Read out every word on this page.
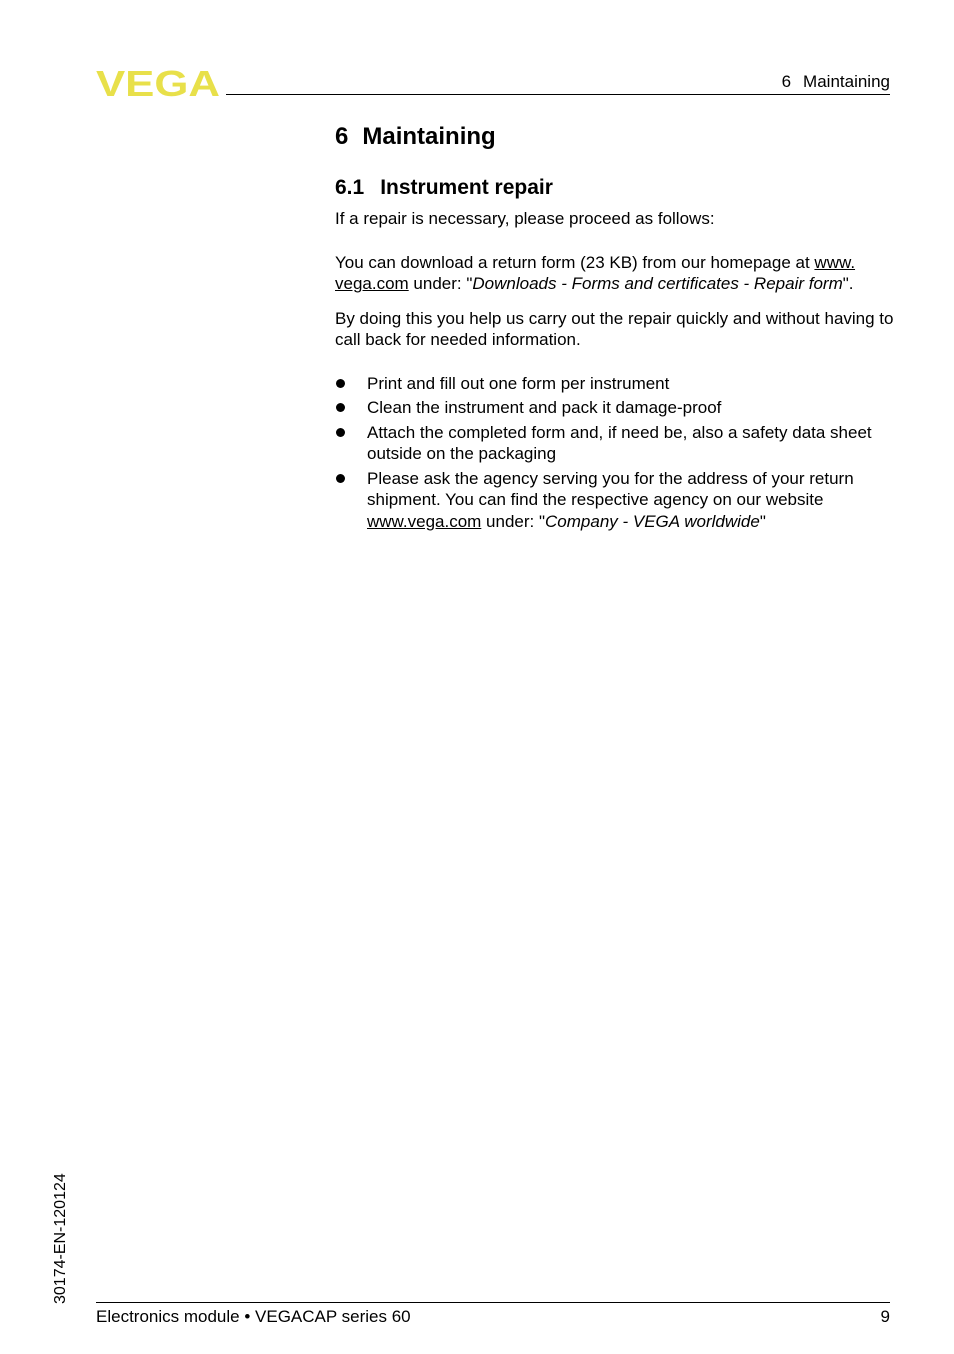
VEGA	6 Maintaining
6 Maintaining
6.1 Instrument repair

If a repair is necessary, please proceed as follows:

You can download a return form (23 KB) from our homepage at www.
vega.com under: "Downloads - Forms and certificates - Repair form".

By doing this you help us carry out the repair quickly and without having to call back for needed information.

Print and fill out one form per instrument
Clean the instrument and pack it damage-proof
Attach the completed form and, if need be, also a safety data sheet outside on the packaging
Please ask the agency serving you for the address of your return shipment. You can find the respective agency on our website www.vega.com under: "Company - VEGA worldwide"
30174-EN-120124
Electronics module • VEGACAP series 60	9
